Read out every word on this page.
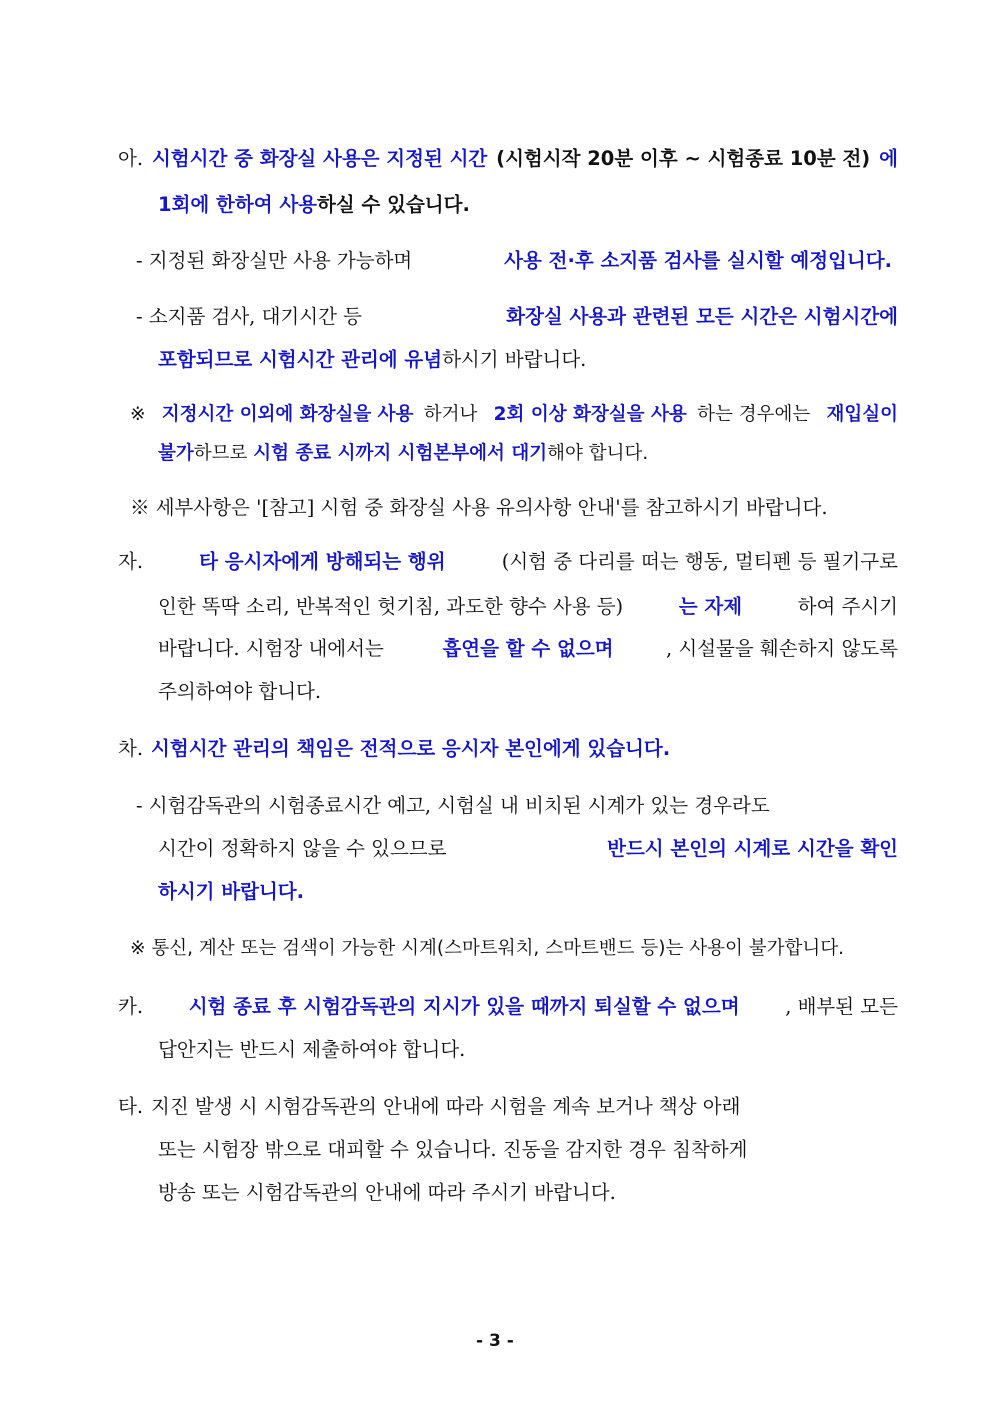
아. 시험시간 중 화장실 사용은 지정된 시간 (시험시작 20분 이후 ~ 시험종료 10분 전) 에
1회에 한하여 사용 하실 수 있습니다.
- 지정된 화장실만 사용 가능하며	사용 전·후 소지품 검사를 실시할 예정입니다.
- 소지품 검사, 대기시간 등	화장실 사용과 관련된 모든 시간은 시험시간에
포함되므로 시험시간 관리에 유념 하시기 바랍니다.
※ 지정시간 이외에 화장실을 사용 하거나 2회 이상 화장실을 사용 하는 경우에는 재입실이
불가 하므로 시험 종료 시까지 시험본부에서 대기 해야 합니다.
※ 세부사항은 '[참고] 시험 중 화장실 사용 유의사항 안내'를 참고하시기 바랍니다.
자.	타 응시자에게 방해되는 행위	(시험 중 다리를 떠는 행동, 멀티펜 등 필기구로
인한 똑딱 소리, 반복적인 헛기침, 과도한 향수 사용 등)	는 자제	하여 주시기
바랍니다. 시험장 내에서는	흡연을 할 수 없으며	, 시설물을 훼손하지 않도록
주의하여야 합니다.
차.
시험시간 관리의 책임은 전적으로 응시자 본인에게 있습니다.
- 시험감독관의 시험종료시간 예고, 시험실 내 비치된 시계가 있는 경우라도
시간이 정확하지 않을 수 있으므로	반드시 본인의 시계로 시간을 확인
하시기 바랍니다.
※ 통신, 계산 또는 검색이 가능한 시계(스마트워치, 스마트밴드 등)는 사용이 불가합니다.
카. 시험 종료 후 시험감독관의 지시가 있을 때까지 퇴실할 수 없으며 , 배부된 모든
답안지는 반드시 제출하여야 합니다.
타.
지진 발생 시 시험감독관의 안내에 따라 시험을 계속 보거나 책상 아래
또는 시험장 밖으로 대피할 수 있습니다. 진동을 감지한 경우 침착하게
방송 또는 시험감독관의 안내에 따라 주시기 바랍니다.
- 3 -
